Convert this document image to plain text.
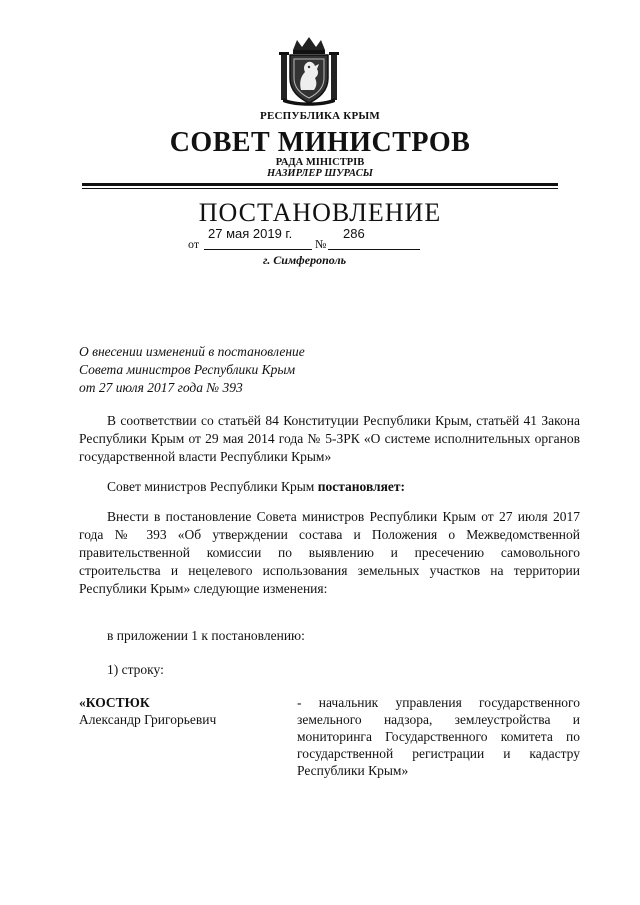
РЕСПУБЛИКА КРЫМ
СОВЕТ МИНИСТРОВ
РАДА МІНІСТРІВ
НАЗИРЛЕР ШУРАСЫ
ПОСТАНОВЛЕНИЕ
от
27 мая 2019 г.
№
286
г. Симферополь
О внесении изменений в постановление
Совета министров Республики Крым
от 27 июля 2017 года № 393
В соответствии со статьёй 84 Конституции Республики Крым, статьёй 41 Закона Республики Крым от 29 мая 2014 года № 5-ЗРК «О системе исполнительных органов государственной власти Республики Крым»
Совет министров Республики Крым постановляет:
Внести в постановление Совета министров Республики Крым от 27 июля 2017 года № 393 «Об утверждении состава и Положения о Межведомственной правительственной комиссии по выявлению и пресечению самовольного строительства и нецелевого использования земельных участков на территории Республики Крым» следующие изменения:
в приложении 1 к постановлению:
1) строку:
«КОСТЮК
Александр Григорьевич
- начальник управления государственного земельного надзора, землеустройства и мониторинга Государственного комитета по государственной регистрации и кадастру Республики Крым»
